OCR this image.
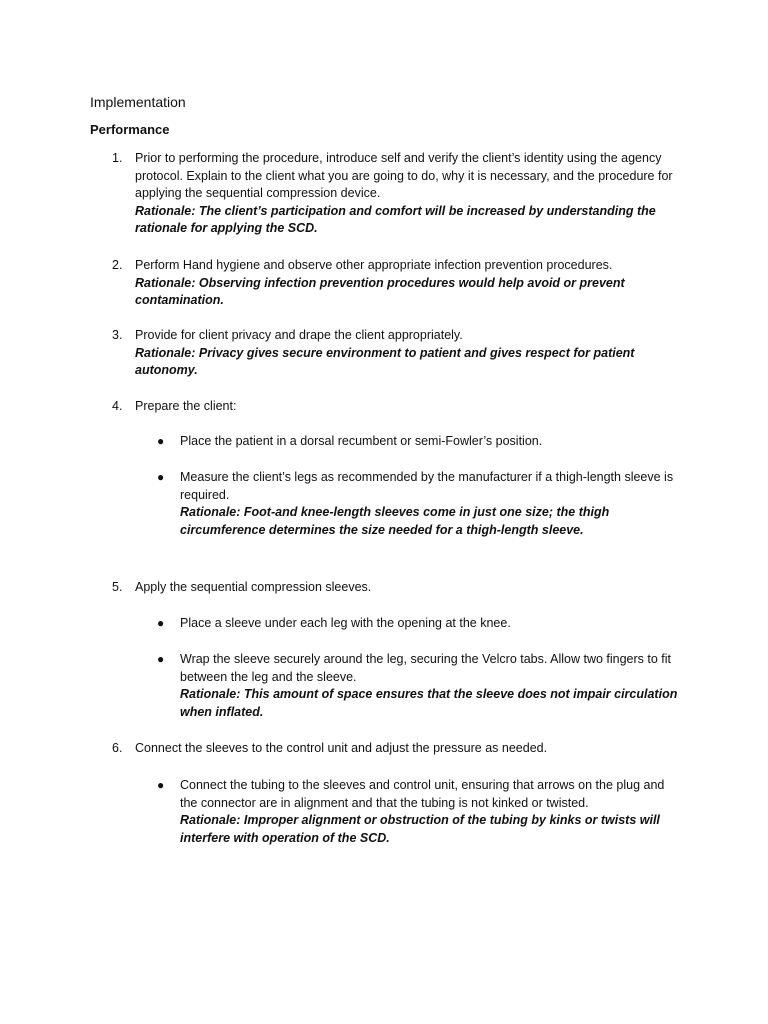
Implementation
Performance
1. Prior to performing the procedure, introduce self and verify the client’s identity using the agency protocol. Explain to the client what you are going to do, why it is necessary, and the procedure for applying the sequential compression device.
Rationale: The client’s participation and comfort will be increased by understanding the rationale for applying the SCD.
2. Perform Hand hygiene and observe other appropriate infection prevention procedures.
Rationale: Observing infection prevention procedures would help avoid or prevent contamination.
3. Provide for client privacy and drape the client appropriately.
Rationale: Privacy gives secure environment to patient and gives respect for patient autonomy.
4. Prepare the client:
● Place the patient in a dorsal recumbent or semi-Fowler’s position.
● Measure the client’s legs as recommended by the manufacturer if a thigh-length sleeve is required.
Rationale: Foot-and knee-length sleeves come in just one size; the thigh circumference determines the size needed for a thigh-length sleeve.
5. Apply the sequential compression sleeves.
● Place a sleeve under each leg with the opening at the knee.
● Wrap the sleeve securely around the leg, securing the Velcro tabs. Allow two fingers to fit between the leg and the sleeve.
Rationale: This amount of space ensures that the sleeve does not impair circulation when inflated.
6. Connect the sleeves to the control unit and adjust the pressure as needed.
● Connect the tubing to the sleeves and control unit, ensuring that arrows on the plug and the connector are in alignment and that the tubing is not kinked or twisted.
Rationale: Improper alignment or obstruction of the tubing by kinks or twists will interfere with operation of the SCD.
